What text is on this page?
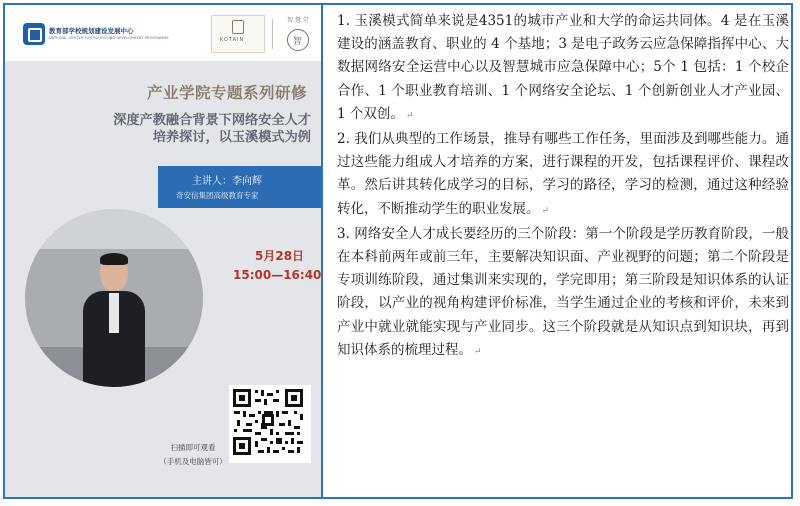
教育部学校规划建设发展中心
NATIONAL CENTER FOR SCHOOLING DEVELOPMENT PROGRAMME	KOTAIN
智 慧 堂
智
产业学院专题系列研修
深度产教融合背景下网络安全人才
培养探讨，以玉溪模式为例
主讲人：李向辉
奇安信集团高级教育专家
5月28日
15:00—16:40
扫描即可观看
（手机及电脑皆可）

1. 玉溪模式简单来说是4351的城市产业和大学的命运共同体。4 是在玉溪建设的涵盖教育、职业的 4 个基地；3 是电子政务云应急保障指挥中心、大数据网络安全运营中心以及智慧城市应急保障中心；5个 1 包括：1 个校企合作、1 个职业教育培训、1 个网络安全论坛、1 个创新创业人才产业园、1 个双创。 ↵

2. 我们从典型的工作场景，推导有哪些工作任务，里面涉及到哪些能力。通过这些能力组成人才培养的方案，进行课程的开发，包括课程评价、课程改革。然后讲其转化成学习的目标，学习的路径，学习的检测，通过这种经验转化，不断推动学生的职业发展。 ↵

3. 网络安全人才成长要经历的三个阶段：第一个阶段是学历教育阶段，一般在本科前两年或前三年，主要解决知识面、产业视野的问题；第二个阶段是专项训练阶段，通过集训来实现的，学完即用；第三阶段是知识体系的认证阶段，以产业的视角构建评价标准，当学生通过企业的考核和评价，未来到产业中就业就能实现与产业同步。这三个阶段就是从知识点到知识块，再到知识体系的梳理过程。 ↵
